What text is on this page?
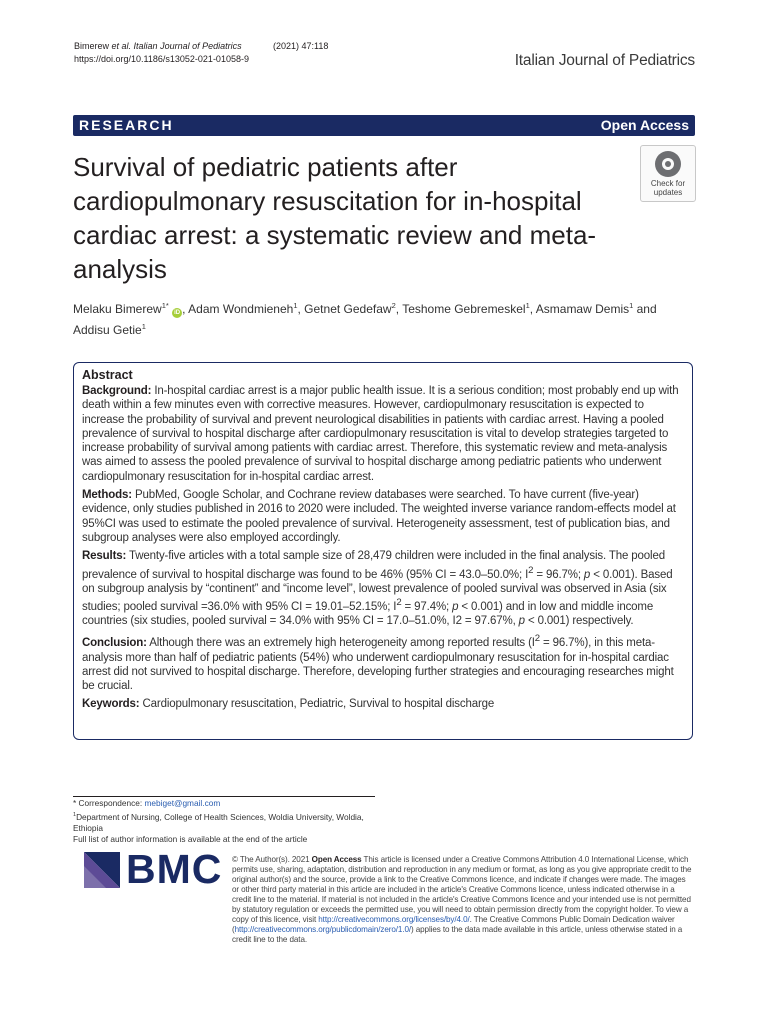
Bimerew et al. Italian Journal of Pediatrics	(2021) 47:118
https://doi.org/10.1186/s13052-021-01058-9	Italian Journal of Pediatrics
RESEARCH	Open Access
Survival of pediatric patients after cardiopulmonary resuscitation for in-hospital cardiac arrest: a systematic review and meta-analysis
Check for
updates
Melaku Bimerew$^{1*}$ iD , Adam Wondmieneh$^1$, Getnet Gedefaw$^2$, Teshome Gebremeskel$^1$, Asmamaw Demis$^1$ and Addisu Getie$^1$

Abstract

Background: In-hospital cardiac arrest is a major public health issue. It is a serious condition; most probably end up with death within a few minutes even with corrective measures. However, cardiopulmonary resuscitation is expected to increase the probability of survival and prevent neurological disabilities in patients with cardiac arrest. Having a pooled prevalence of survival to hospital discharge after cardiopulmonary resuscitation is vital to develop strategies targeted to increase probability of survival among patients with cardiac arrest. Therefore, this systematic review and meta-analysis was aimed to assess the pooled prevalence of survival to hospital discharge among pediatric patients who underwent cardiopulmonary resuscitation for in-hospital cardiac arrest.

Methods: PubMed, Google Scholar, and Cochrane review databases were searched. To have current (five-year) evidence, only studies published in 2016 to 2020 were included. The weighted inverse variance random-effects model at 95%CI was used to estimate the pooled prevalence of survival. Heterogeneity assessment, test of publication bias, and subgroup analyses were also employed accordingly.

Results: Twenty-five articles with a total sample size of 28,479 children were included in the final analysis. The pooled prevalence of survival to hospital discharge was found to be 46% (95% CI = 43.0–50.0%; $I^2 = 96.7\%$; p < 0.001). Based on subgroup analysis by “continent” and “income level”, lowest prevalence of pooled survival was observed in Asia (six studies; pooled survival =36.0% with 95% CI = 19.01–52.15%; $I^2 = 97.4\%$; p < 0.001) and in low and middle income countries (six studies, pooled survival = 34.0% with 95% CI = 17.0–51.0%, I2 = 97.67%, p < 0.001) respectively.

Conclusion: Although there was an extremely high heterogeneity among reported results $(I^2 = 96.7\%)$, in this meta-analysis more than half of pediatric patients (54%) who underwent cardiopulmonary resuscitation for in-hospital cardiac arrest did not survived to hospital discharge. Therefore, developing further strategies and encouraging researches might be crucial.

Keywords: Cardiopulmonary resuscitation, Pediatric, Survival to hospital discharge

* Correspondence: mebiget@gmail.com
$^1$Department of Nursing, College of Health Sciences, Woldia University, Woldia, Ethiopia
Full list of author information is available at the end of the article
BMC © The Author(s). 2021 Open Access This article is licensed under a Creative Commons Attribution 4.0 International License, which permits use, sharing, adaptation, distribution and reproduction in any medium or format, as long as you give appropriate credit to the original author(s) and the source, provide a link to the Creative Commons licence, and indicate if changes were made. The images or other third party material in this article are included in the article's Creative Commons licence, unless indicated otherwise in a credit line to the material. If material is not included in the article's Creative Commons licence and your intended use is not permitted by statutory regulation or exceeds the permitted use, you will need to obtain permission directly from the copyright holder. To view a copy of this licence, visit http://creativecommons.org/licenses/by/4.0/. The Creative Commons Public Domain Dedication waiver (http://creativecommons.org/publicdomain/zero/1.0/) applies to the data made available in this article, unless otherwise stated in a credit line to the data.
